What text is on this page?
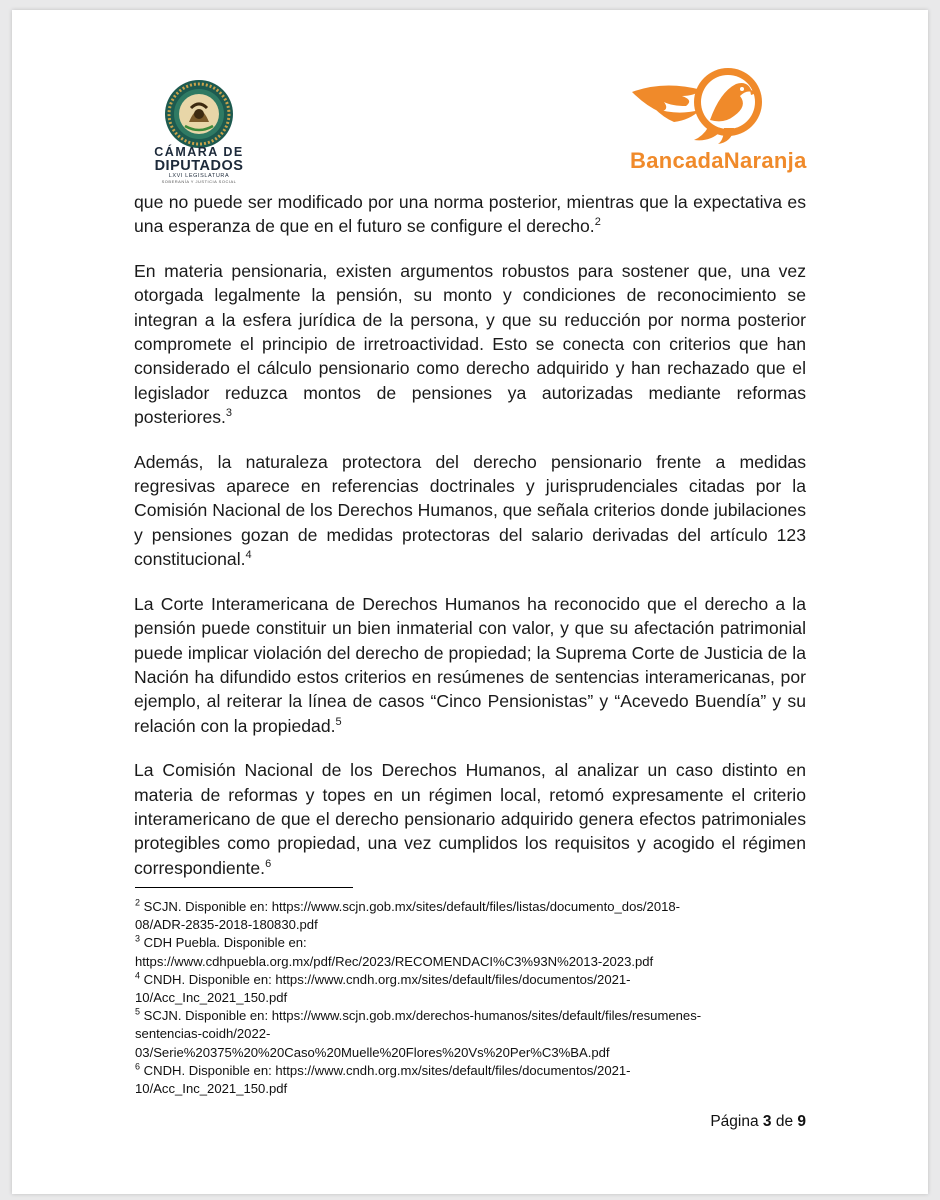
CÁMARA DE
DIPUTADOS
LXVI LEGISLATURA
SOBERANÍA Y JUSTICIA SOCIAL
BancadaNaranja

que no puede ser modificado por una norma posterior, mientras que la expectativa es una esperanza de que en el futuro se configure el derecho.$^2$

En materia pensionaria, existen argumentos robustos para sostener que, una vez otorgada legalmente la pensión, su monto y condiciones de reconocimiento se integran a la esfera jurídica de la persona, y que su reducción por norma posterior compromete el principio de irretroactividad. Esto se conecta con criterios que han considerado el cálculo pensionario como derecho adquirido y han rechazado que el legislador reduzca montos de pensiones ya autorizadas mediante reformas posteriores.$^3$

Además, la naturaleza protectora del derecho pensionario frente a medidas regresivas aparece en referencias doctrinales y jurisprudenciales citadas por la Comisión Nacional de los Derechos Humanos, que señala criterios donde jubilaciones y pensiones gozan de medidas protectoras del salario derivadas del artículo 123 constitucional.$^4$

La Corte Interamericana de Derechos Humanos ha reconocido que el derecho a la pensión puede constituir un bien inmaterial con valor, y que su afectación patrimonial puede implicar violación del derecho de propiedad; la Suprema Corte de Justicia de la Nación ha difundido estos criterios en resúmenes de sentencias interamericanas, por ejemplo, al reiterar la línea de casos “Cinco Pensionistas” y “Acevedo Buendía” y su relación con la propiedad.$^5$

La Comisión Nacional de los Derechos Humanos, al analizar un caso distinto en materia de reformas y topes en un régimen local, retomó expresamente el criterio interamericano de que el derecho pensionario adquirido genera efectos patrimoniales protegibles como propiedad, una vez cumplidos los requisitos y acogido el régimen correspondiente.$^6$

$^2$ SCJN. Disponible en: https://www.scjn.gob.mx/sites/default/files/listas/documento_dos/2018-
08/ADR-2835-2018-180830.pdf
$^3$ CDH Puebla. Disponible en:
https://www.cdhpuebla.org.mx/pdf/Rec/2023/RECOMENDACI%C3%93N%2013-2023.pdf
$^4$ CNDH. Disponible en: https://www.cndh.org.mx/sites/default/files/documentos/2021-
10/Acc_Inc_2021_150.pdf
$^5$ SCJN. Disponible en: https://www.scjn.gob.mx/derechos-humanos/sites/default/files/resumenes-
sentencias-coidh/2022-
03/Serie%20375%20%20Caso%20Muelle%20Flores%20Vs%20Per%C3%BA.pdf
$^6$ CNDH. Disponible en: https://www.cndh.org.mx/sites/default/files/documentos/2021-
10/Acc_Inc_2021_150.pdf
Página 3 de 9
